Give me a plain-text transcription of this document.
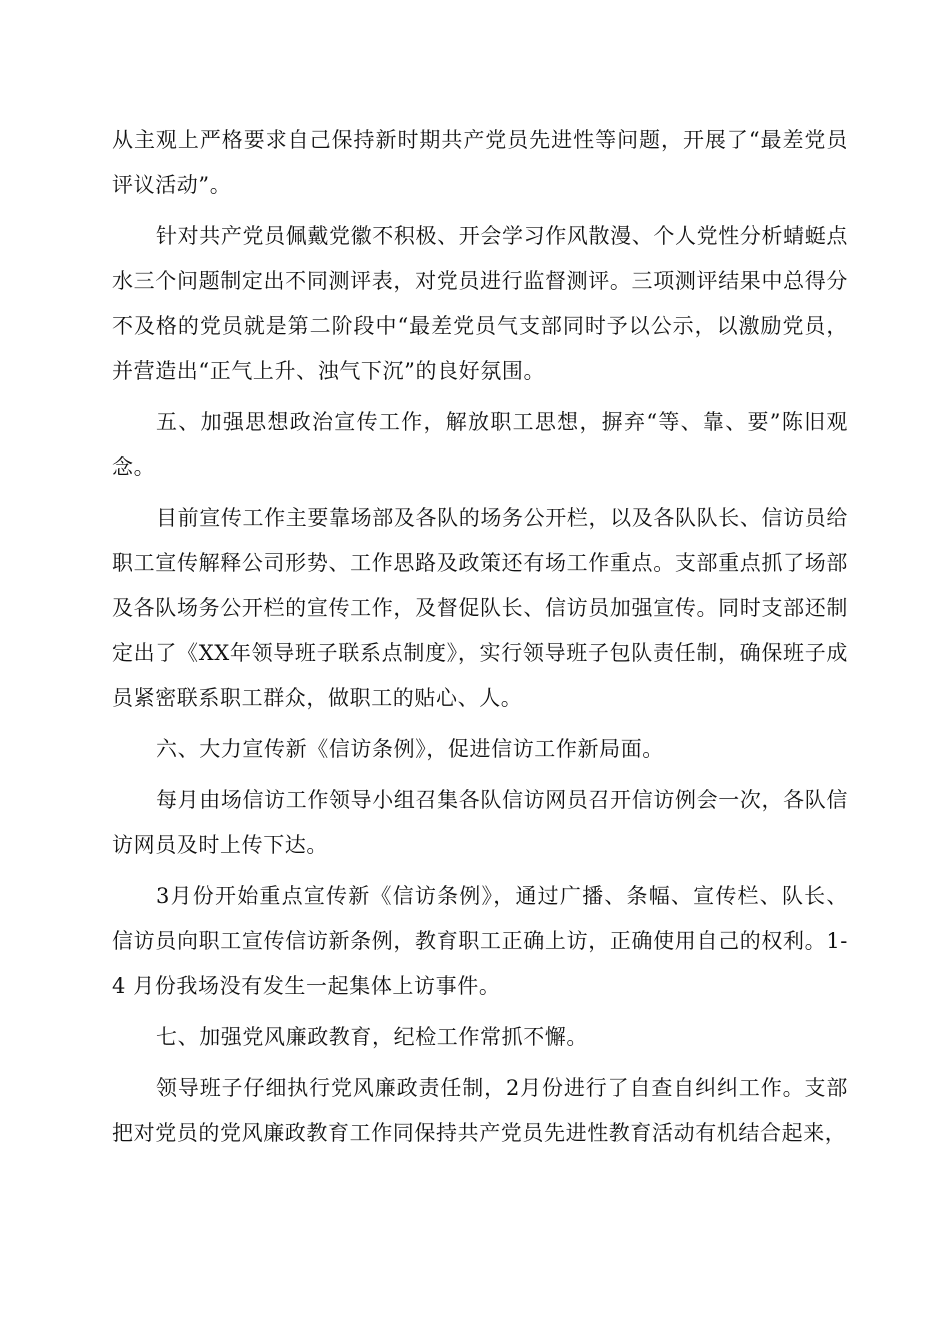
从主观上严格要求自己保持新时期共产党员先进性等问题，开展了“最差党员 评议活动”。

针对共产党员佩戴党徽不积极、开会学习作风散漫、个人党性分析蜻蜓点 水三个问题制定出不同测评表，对党员进行监督测评。三项测评结果中总得分 不及格的党员就是第二阶段中“最差党员气支部同时予以公示，以激励党员， 并营造出“正气上升、浊气下沉”的良好氛围。

五、加强思想政治宣传工作，解放职工思想，摒弃“等、靠、要”陈旧观念。

目前宣传工作主要靠场部及各队的场务公开栏，以及各队队长、信访员给 职工宣传解释公司形势、工作思路及政策还有场工作重点。支部重点抓了场部 及各队场务公开栏的宣传工作，及督促队长、信访员加强宣传。同时支部还制 定出了《XX年领导班子联系点制度》，实行领导班子包队责任制，确保班子成 员紧密联系职工群众，做职工的贴心、人。

六、大力宣传新《信访条例》，促进信访工作新局面。

每月由场信访工作领导小组召集各队信访网员召开信访例会一次，各队信 访网员及时上传下达。

3月份开始重点宣传新《信访条例》，通过广播、条幅、宣传栏、队长、 信访员向职工宣传信访新条例，教育职工正确上访，正确使用自己的权利。1-4 月份我场没有发生一起集体上访事件。

七、加强党风廉政教育，纪检工作常抓不懈。

领导班子仔细执行党风廉政责任制，2月份进行了自查自纠纠工作。支部 把对党员的党风廉政教育工作同保持共产党员先进性教育活动有机结合起来，
